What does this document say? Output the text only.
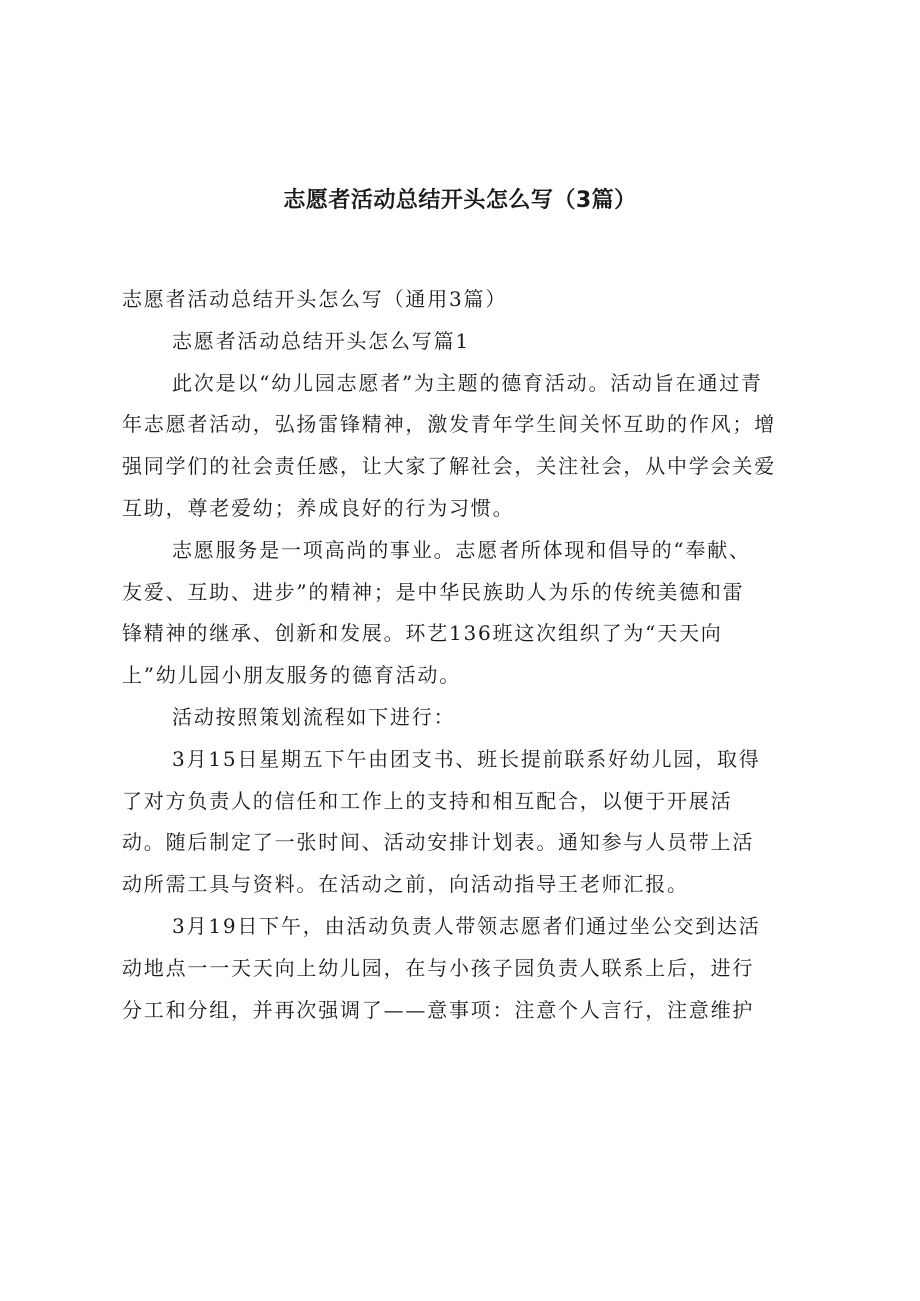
志愿者活动总结开头怎么写（3篇）
志愿者活动总结开头怎么写（通用3篇）
志愿者活动总结开头怎么写篇1
此次是以“幼儿园志愿者”为主题的德育活动。活动旨在通过青
年志愿者活动，弘扬雷锋精神，激发青年学生间关怀互助的作风；增
强同学们的社会责任感，让大家了解社会，关注社会，从中学会关爱
互助，尊老爱幼；养成良好的行为习惯。
志愿服务是一项高尚的事业。志愿者所体现和倡导的“奉献、
友爱、互助、进步”的精神；是中华民族助人为乐的传统美德和雷
锋精神的继承、创新和发展。环艺136班这次组织了为“天天向
上”幼儿园小朋友服务的德育活动。
活动按照策划流程如下进行：
3月15日星期五下午由团支书、班长提前联系好幼儿园，取得
了对方负责人的信任和工作上的支持和相互配合，以便于开展活
动。随后制定了一张时间、活动安排计划表。通知参与人员带上活
动所需工具与资料。在活动之前，向活动指导王老师汇报。
3月19日下午，由活动负责人带领志愿者们通过坐公交到达活
动地点一一天天向上幼儿园，在与小孩子园负责人联系上后，进行
分工和分组，并再次强调了——意事项：注意个人言行，注意维护
